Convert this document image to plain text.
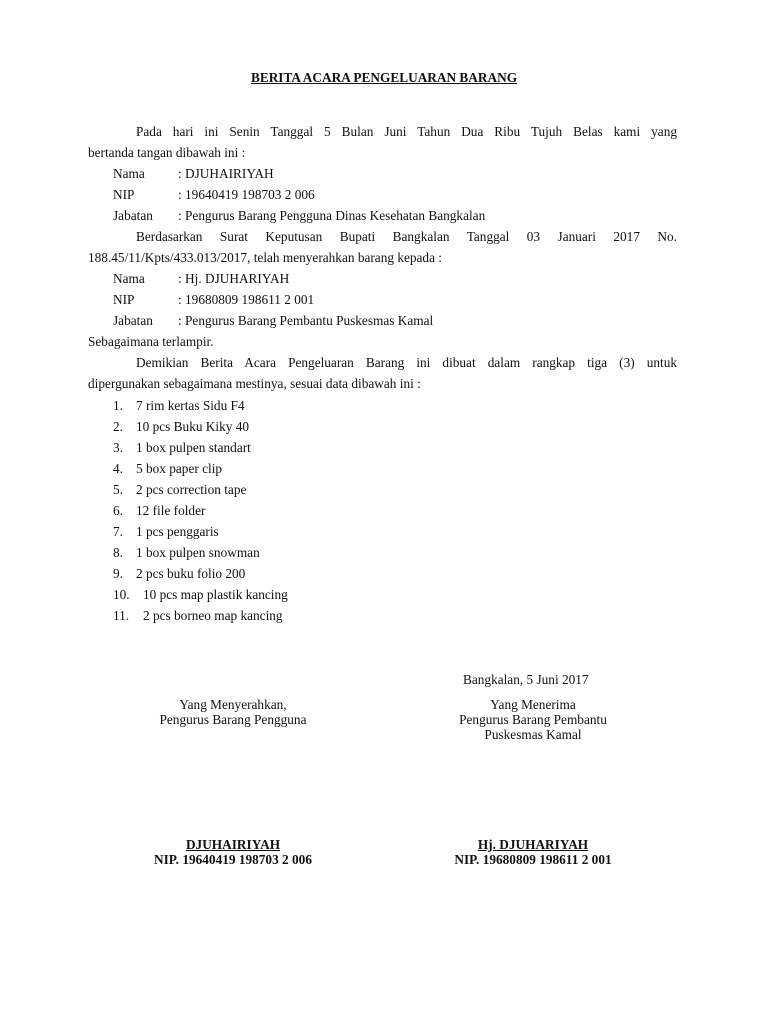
BERITA ACARA PENGELUARAN BARANG
Pada hari ini Senin Tanggal 5 Bulan Juni Tahun Dua Ribu Tujuh Belas kami yang
bertanda tangan dibawah ini :
Nama	: DJUHAIRIYAH
NIP	: 19640419 198703 2 006
Jabatan : Pengurus Barang Pengguna Dinas Kesehatan Bangkalan
Berdasarkan Surat Keputusan Bupati Bangkalan Tanggal 03 Januari 2017 No.
188.45/11/Kpts/433.013/2017, telah menyerahkan barang kepada :
Nama	: Hj. DJUHARIYAH
NIP	: 19680809 198611 2 001
Jabatan : Pengurus Barang Pembantu Puskesmas Kamal
Sebagaimana terlampir.
Demikian Berita Acara Pengeluaran Barang ini dibuat dalam rangkap tiga (3) untuk
dipergunakan sebagaimana mestinya, sesuai data dibawah ini :
1. 7 rim kertas Sidu F4
2. 10 pcs Buku Kiky 40
3. 1 box pulpen standart
4. 5 box paper clip
5. 2 pcs correction tape
6. 12 file folder
7. 1 pcs penggaris
8. 1 box pulpen snowman
9. 2 pcs buku folio 200
10. 10 pcs map plastik kancing
11. 2 pcs borneo map kancing
Bangkalan, 5 Juni 2017
Yang Menyerahkan,
Pengurus Barang Pengguna
DJUHAIRIYAH
NIP. 19640419 198703 2 006
Yang Menerima
Pengurus Barang Pembantu
Puskesmas Kamal
Hj. DJUHARIYAH
NIP. 19680809 198611 2 001
